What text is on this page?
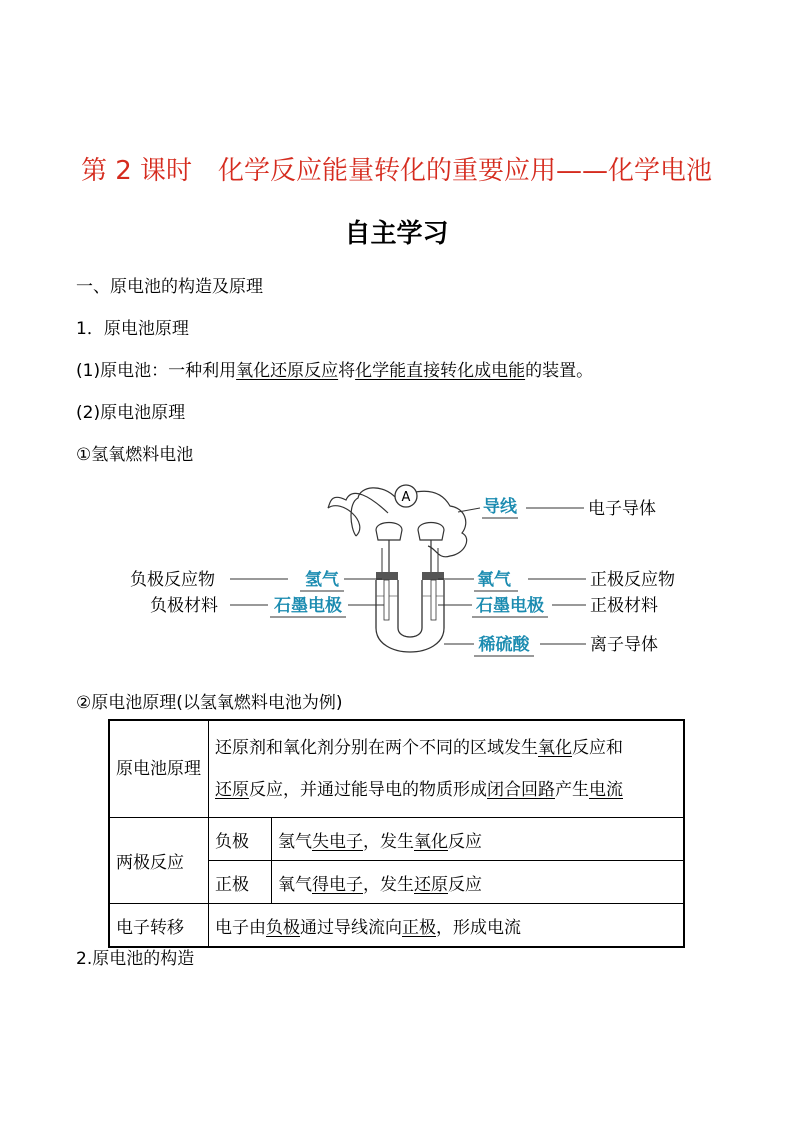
第 2 课时　化学反应能量转化的重要应用——化学电池
自主学习
一、原电池的构造及原理
1．原电池原理
(1)原电池：一种利用氧化还原反应将化学能直接转化成电能的装置。
(2)原电池原理
①氢氧燃料电池
A
负极反应物	氢气
负极材料	石墨电极
导线	电子导体
氧气	正极反应物
石墨电极	正极材料
稀硫酸	离子导体
②原电池原理(以氢氧燃料电池为例)
原电池原理	还原剂和氧化剂分别在两个不同的区域发生氧化反应和
还原反应，并通过能导电的物质形成闭合回路产生电流	
两极反应	负极	氢气失电子，发生氧化反应
	正极	氧气得电子，发生还原反应
电子转移	电子由负极通过导线流向正极，形成电流	
2.原电池的构造
